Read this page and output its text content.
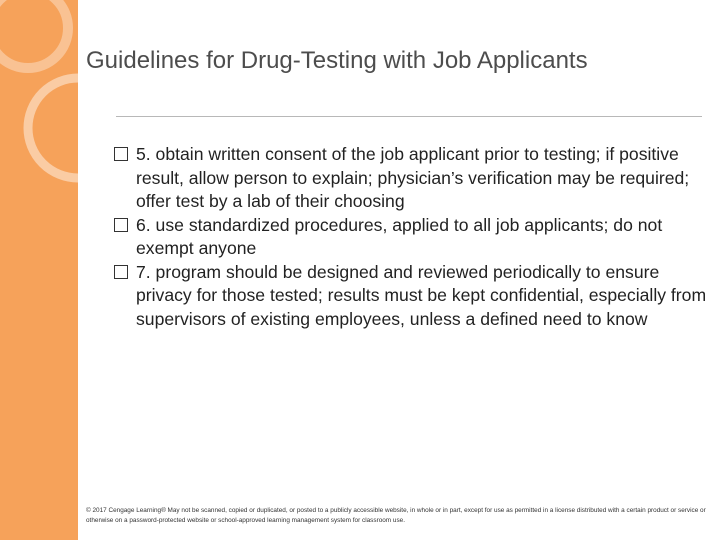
Guidelines for Drug-Testing with Job Applicants
5. obtain written consent of the job applicant prior to testing; if positive result, allow person to explain; physician’s verification may be required; offer test by a lab of their choosing
6. use standardized procedures, applied to all job applicants; do not exempt anyone
7. program should be designed and reviewed periodically to ensure privacy for those tested; results must be kept confidential, especially from supervisors of existing employees, unless a defined need to know
© 2017 Cengage Learning® May not be scanned, copied or duplicated, or posted to a publicly accessible website, in whole or in part, except for use as permitted in a license distributed with a certain product or service or otherwise on a password-protected website or school-approved learning management system for classroom use.
